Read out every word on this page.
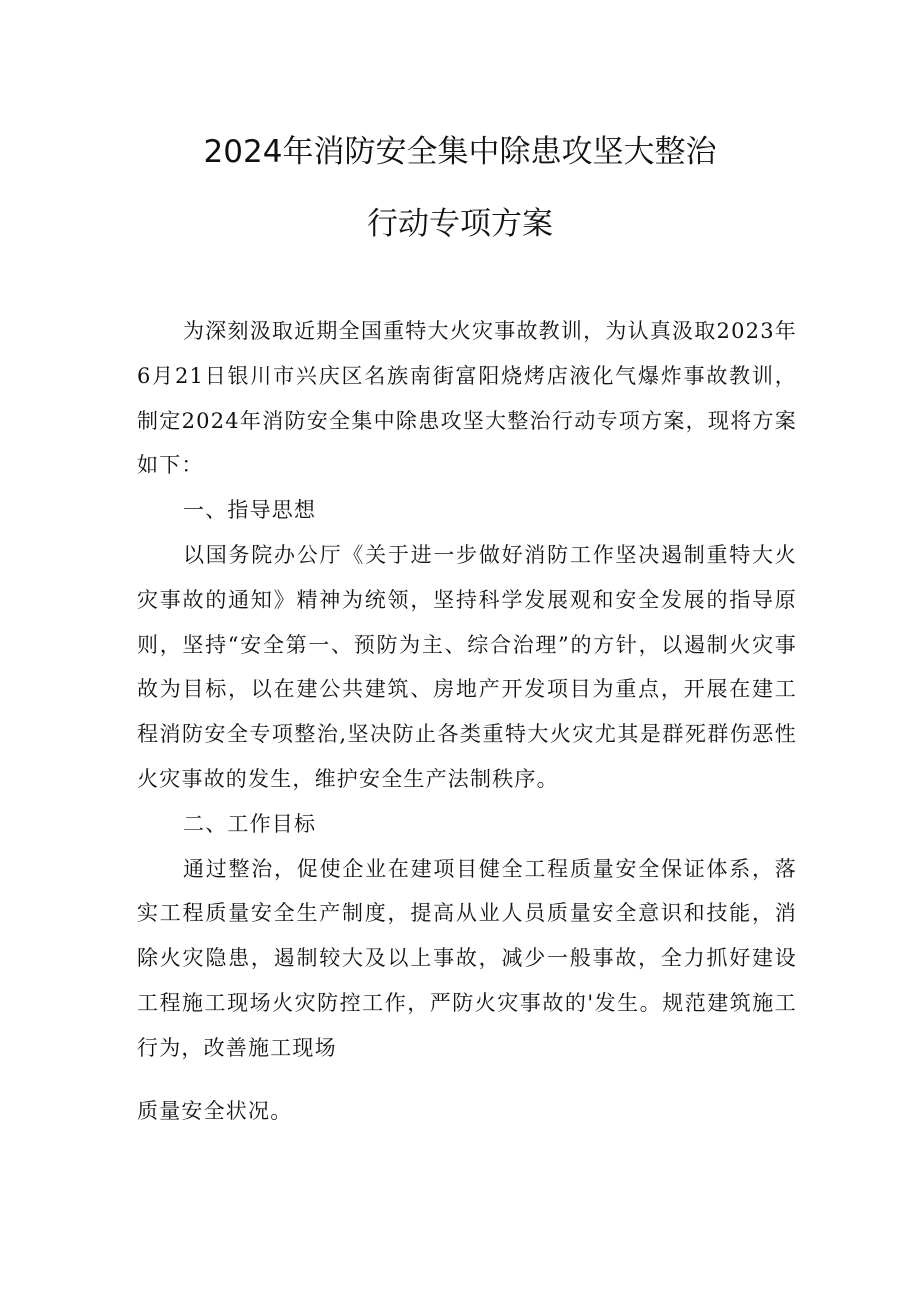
2024年消防安全集中除患攻坚大整治
行动专项方案

为深刻汲取近期全国重特大火灾事故教训，为认真汲取2023年6月21日银川市兴庆区名族南街富阳烧烤店液化气爆炸事故教训，制定2024年消防安全集中除患攻坚大整治行动专项方案，现将方案如下：

一、指导思想

以国务院办公厅《关于进一步做好消防工作坚决遏制重特大火灾事故的通知》精神为统领，坚持科学发展观和安全发展的指导原则，坚持“安全第一、预防为主、综合治理”的方针，以遏制火灾事故为目标，以在建公共建筑、房地产开发项目为重点，开展在建工程消防安全专项整治,坚决防止各类重特大火灾尤其是群死群伤恶性火灾事故的发生，维护安全生产法制秩序。

二、工作目标

通过整治，促使企业在建项目健全工程质量安全保证体系，落实工程质量安全生产制度，提高从业人员质量安全意识和技能，消除火灾隐患，遏制较大及以上事故，减少一般事故，全力抓好建设工程施工现场火灾防控工作，严防火灾事故的'发生。规范建筑施工行为，改善施工现场

质量安全状况。
